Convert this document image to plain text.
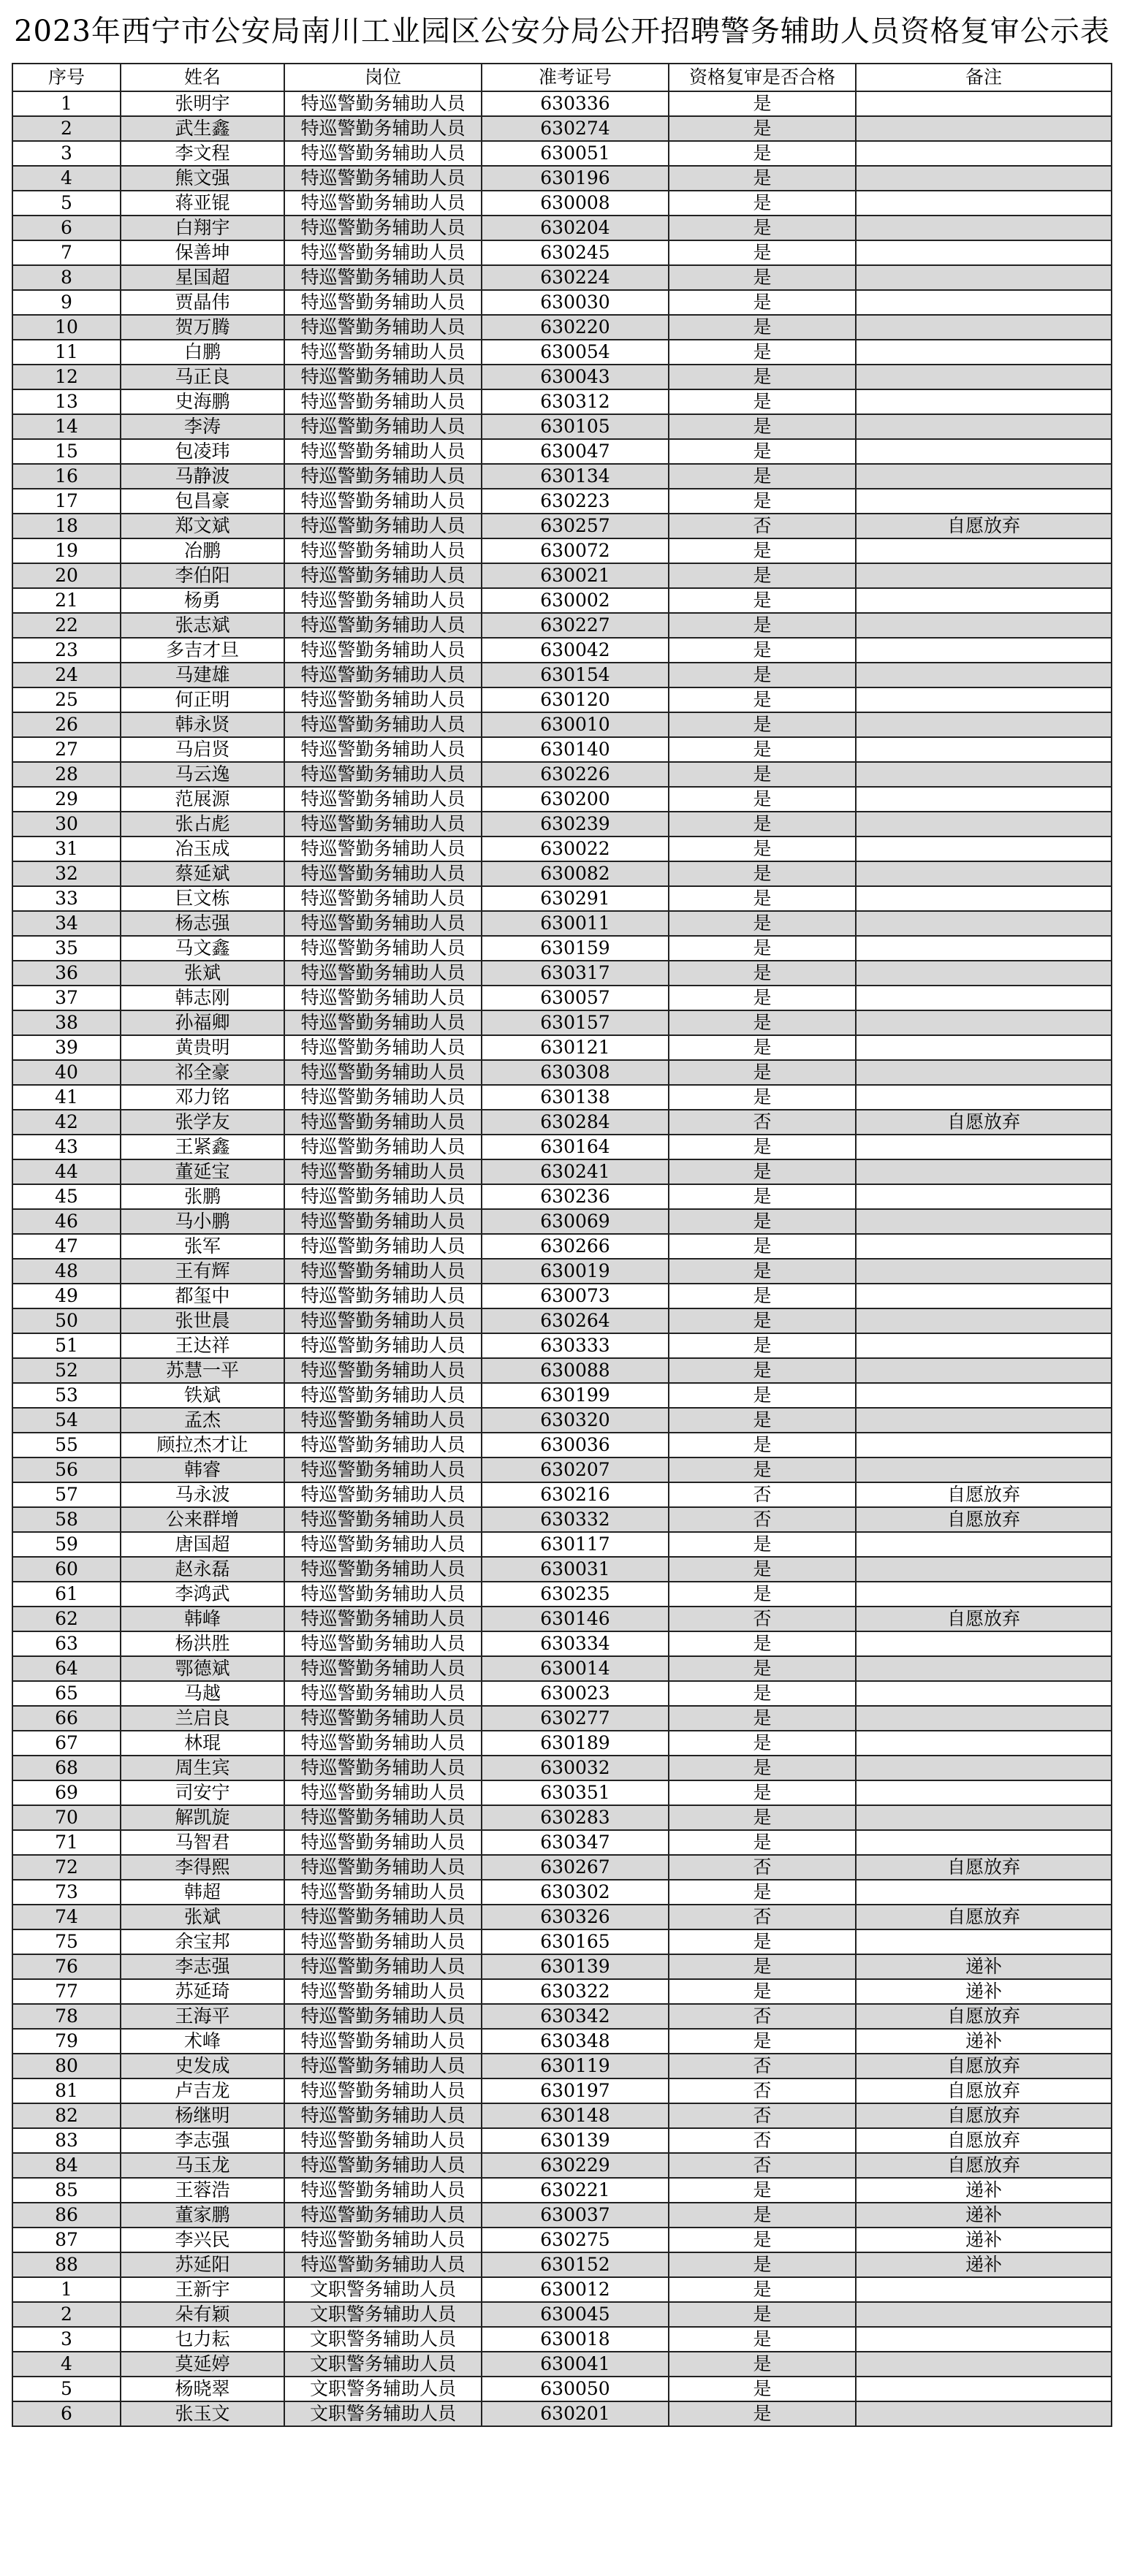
2023年西宁市公安局南川工业园区公安分局公开招聘警务辅助人员资格复审公示表
序号	姓名	岗位	准考证号	资格复审是否合格	备注
1	张明宇	特巡警勤务辅助人员	630336	是	
2	武生鑫	特巡警勤务辅助人员	630274	是	
3	李文程	特巡警勤务辅助人员	630051	是	
4	熊文强	特巡警勤务辅助人员	630196	是	
5	蒋亚锟	特巡警勤务辅助人员	630008	是	
6	白翔宇	特巡警勤务辅助人员	630204	是	
7	保善坤	特巡警勤务辅助人员	630245	是	
8	星国超	特巡警勤务辅助人员	630224	是	
9	贾晶伟	特巡警勤务辅助人员	630030	是	
10	贺万腾	特巡警勤务辅助人员	630220	是	
11	白鹏	特巡警勤务辅助人员	630054	是	
12	马正良	特巡警勤务辅助人员	630043	是	
13	史海鹏	特巡警勤务辅助人员	630312	是	
14	李涛	特巡警勤务辅助人员	630105	是	
15	包凌玮	特巡警勤务辅助人员	630047	是	
16	马静波	特巡警勤务辅助人员	630134	是	
17	包昌豪	特巡警勤务辅助人员	630223	是	
18	郑文斌	特巡警勤务辅助人员	630257	否	自愿放弃
19	冶鹏	特巡警勤务辅助人员	630072	是	
20	李伯阳	特巡警勤务辅助人员	630021	是	
21	杨勇	特巡警勤务辅助人员	630002	是	
22	张志斌	特巡警勤务辅助人员	630227	是	
23	多吉才旦	特巡警勤务辅助人员	630042	是	
24	马建雄	特巡警勤务辅助人员	630154	是	
25	何正明	特巡警勤务辅助人员	630120	是	
26	韩永贤	特巡警勤务辅助人员	630010	是	
27	马启贤	特巡警勤务辅助人员	630140	是	
28	马云逸	特巡警勤务辅助人员	630226	是	
29	范展源	特巡警勤务辅助人员	630200	是	
30	张占彪	特巡警勤务辅助人员	630239	是	
31	冶玉成	特巡警勤务辅助人员	630022	是	
32	蔡延斌	特巡警勤务辅助人员	630082	是	
33	巨文栋	特巡警勤务辅助人员	630291	是	
34	杨志强	特巡警勤务辅助人员	630011	是	
35	马文鑫	特巡警勤务辅助人员	630159	是	
36	张斌	特巡警勤务辅助人员	630317	是	
37	韩志刚	特巡警勤务辅助人员	630057	是	
38	孙福卿	特巡警勤务辅助人员	630157	是	
39	黄贵明	特巡警勤务辅助人员	630121	是	
40	祁全豪	特巡警勤务辅助人员	630308	是	
41	邓力铭	特巡警勤务辅助人员	630138	是	
42	张学友	特巡警勤务辅助人员	630284	否	自愿放弃
43	王紧鑫	特巡警勤务辅助人员	630164	是	
44	董延宝	特巡警勤务辅助人员	630241	是	
45	张鹏	特巡警勤务辅助人员	630236	是	
46	马小鹏	特巡警勤务辅助人员	630069	是	
47	张军	特巡警勤务辅助人员	630266	是	
48	王有辉	特巡警勤务辅助人员	630019	是	
49	都玺中	特巡警勤务辅助人员	630073	是	
50	张世晨	特巡警勤务辅助人员	630264	是	
51	王达祥	特巡警勤务辅助人员	630333	是	
52	苏慧一平	特巡警勤务辅助人员	630088	是	
53	铁斌	特巡警勤务辅助人员	630199	是	
54	孟杰	特巡警勤务辅助人员	630320	是	
55	顾拉杰才让	特巡警勤务辅助人员	630036	是	
56	韩睿	特巡警勤务辅助人员	630207	是	
57	马永波	特巡警勤务辅助人员	630216	否	自愿放弃
58	公来群增	特巡警勤务辅助人员	630332	否	自愿放弃
59	唐国超	特巡警勤务辅助人员	630117	是	
60	赵永磊	特巡警勤务辅助人员	630031	是	
61	李鸿武	特巡警勤务辅助人员	630235	是	
62	韩峰	特巡警勤务辅助人员	630146	否	自愿放弃
63	杨洪胜	特巡警勤务辅助人员	630334	是	
64	鄂德斌	特巡警勤务辅助人员	630014	是	
65	马越	特巡警勤务辅助人员	630023	是	
66	兰启良	特巡警勤务辅助人员	630277	是	
67	林琨	特巡警勤务辅助人员	630189	是	
68	周生宾	特巡警勤务辅助人员	630032	是	
69	司安宁	特巡警勤务辅助人员	630351	是	
70	解凯旋	特巡警勤务辅助人员	630283	是	
71	马智君	特巡警勤务辅助人员	630347	是	
72	李得熙	特巡警勤务辅助人员	630267	否	自愿放弃
73	韩超	特巡警勤务辅助人员	630302	是	
74	张斌	特巡警勤务辅助人员	630326	否	自愿放弃
75	余宝邦	特巡警勤务辅助人员	630165	是	
76	李志强	特巡警勤务辅助人员	630139	是	递补
77	苏延琦	特巡警勤务辅助人员	630322	是	递补
78	王海平	特巡警勤务辅助人员	630342	否	自愿放弃
79	术峰	特巡警勤务辅助人员	630348	是	递补
80	史发成	特巡警勤务辅助人员	630119	否	自愿放弃
81	卢吉龙	特巡警勤务辅助人员	630197	否	自愿放弃
82	杨继明	特巡警勤务辅助人员	630148	否	自愿放弃
83	李志强	特巡警勤务辅助人员	630139	否	自愿放弃
84	马玉龙	特巡警勤务辅助人员	630229	否	自愿放弃
85	王蓉浩	特巡警勤务辅助人员	630221	是	递补
86	董家鹏	特巡警勤务辅助人员	630037	是	递补
87	李兴民	特巡警勤务辅助人员	630275	是	递补
88	苏延阳	特巡警勤务辅助人员	630152	是	递补
1	王新宇	文职警务辅助人员	630012	是	
2	朵有颖	文职警务辅助人员	630045	是	
3	乜力耘	文职警务辅助人员	630018	是	
4	莫延婷	文职警务辅助人员	630041	是	
5	杨晓翠	文职警务辅助人员	630050	是	
6	张玉文	文职警务辅助人员	630201	是	
